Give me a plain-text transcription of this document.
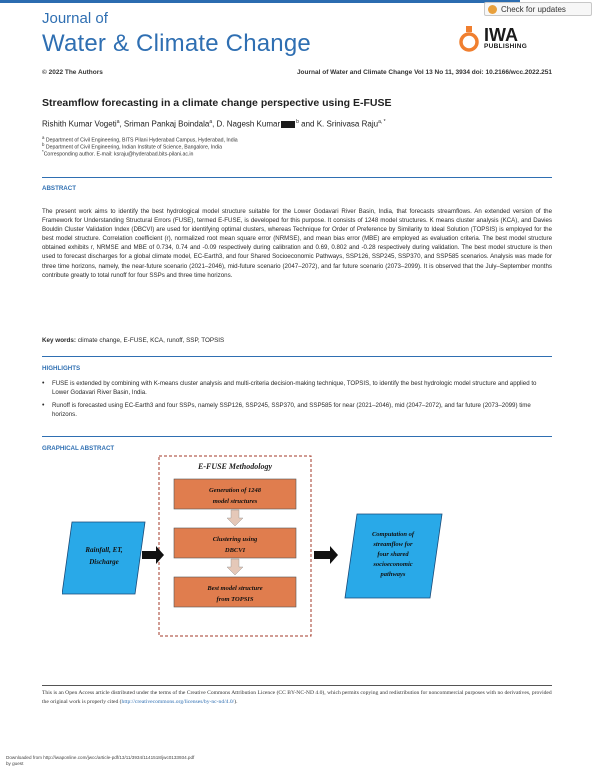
Journal of
Water & Climate Change
Check for updates
IWA
PUBLISHING
© 2022 The Authors	Journal of Water and Climate Change Vol 13 No 11, 3934 doi: 10.2166/wcc.2022.251
Streamflow forecasting in a climate change perspective using E-FUSE
Rishith Kumar Vogeti$^a$, Sriman Pankaj Boindala$^a$, D. Nagesh Kumar	$^b$ and K. Srinivasa Raju$^{a, *}$
$^a$ Department of Civil Engineering, BITS Pilani Hyderabad Campus, Hyderabad, India
$^b$ Department of Civil Engineering, Indian Institute of Science, Bangalore, India
*Corresponding author. E-mail: ksraju@hyderabad.bits-pilani.ac.in
ABSTRACT

The present work aims to identify the best hydrological model structure suitable for the Lower Godavari River Basin, India, that forecasts streamflows. An extended version of the Framework for Understanding Structural Errors (FUSE), termed E-FUSE, is developed for this purpose. It consists of 1248 model structures. K means cluster analysis (KCA), and Davies Bouldin Cluster Validation Index (DBCVI) are used for identifying optimal clusters, whereas Technique for Order of Preference by Similarity to Ideal Solution (TOPSIS) is employed for the best model structure. Correlation coefficient (r), normalized root mean square error (NRMSE), and mean bias error (MBE) are employed as evaluation criteria. The best model structure obtained exhibits r, NRMSE and MBE of 0.734, 0.74 and -0.09 respectively during calibration and 0.69, 0.802 and -0.28 respectively during validation. The best model structure is then used to forecast discharges for a global climate model, EC-Earth3, and four Shared Socioeconomic Pathways, SSP126, SSP245, SSP370, and SSP585 scenarios. Analysis was made for three time horizons, namely, the near-future scenario (2021–2046), mid-future scenario (2047–2072), and far future scenario (2073–2099). It is observed that the July–September months contribute greatly to total runoff for four SSPs and three time horizons.

Key words: climate change, E-FUSE, KCA, runoff, SSP, TOPSIS
HIGHLIGHTS
• FUSE is extended by combining with K-means cluster analysis and multi-criteria decision-making technique, TOPSIS, to identify the best hydrologic model structure and applied to Lower Godavari River Basin, India.
• Runoff is forecasted using EC-Earth3 and four SSPs, namely SSP126, SSP245, SSP370, and SSP585 for near (2021–2046), mid (2047–2072), and far future (2073–2099) time horizons.
GRAPHICAL ABSTRACT
E-FUSE Methodology
Rainfall, ET,
Discharge
Generation of 1248
model structures
Clustering using
DBCVI
Best model structure
from TOPSIS
Computation of
streamflow for
four shared
socioeconomic
pathways

This is an Open Access article distributed under the terms of the Creative Commons Attribution Licence (CC BY-NC-ND 4.0), which permits copying and redistribution for noncommercial purposes with no derivatives, provided the original work is properly cited (http://creativecommons.org/licenses/by-nc-nd/4.0/).

Downloaded from http://iwaponline.com/jwcc/article-pdf/13/11/3934/1141518/jwc0133934.pdf
by guest
